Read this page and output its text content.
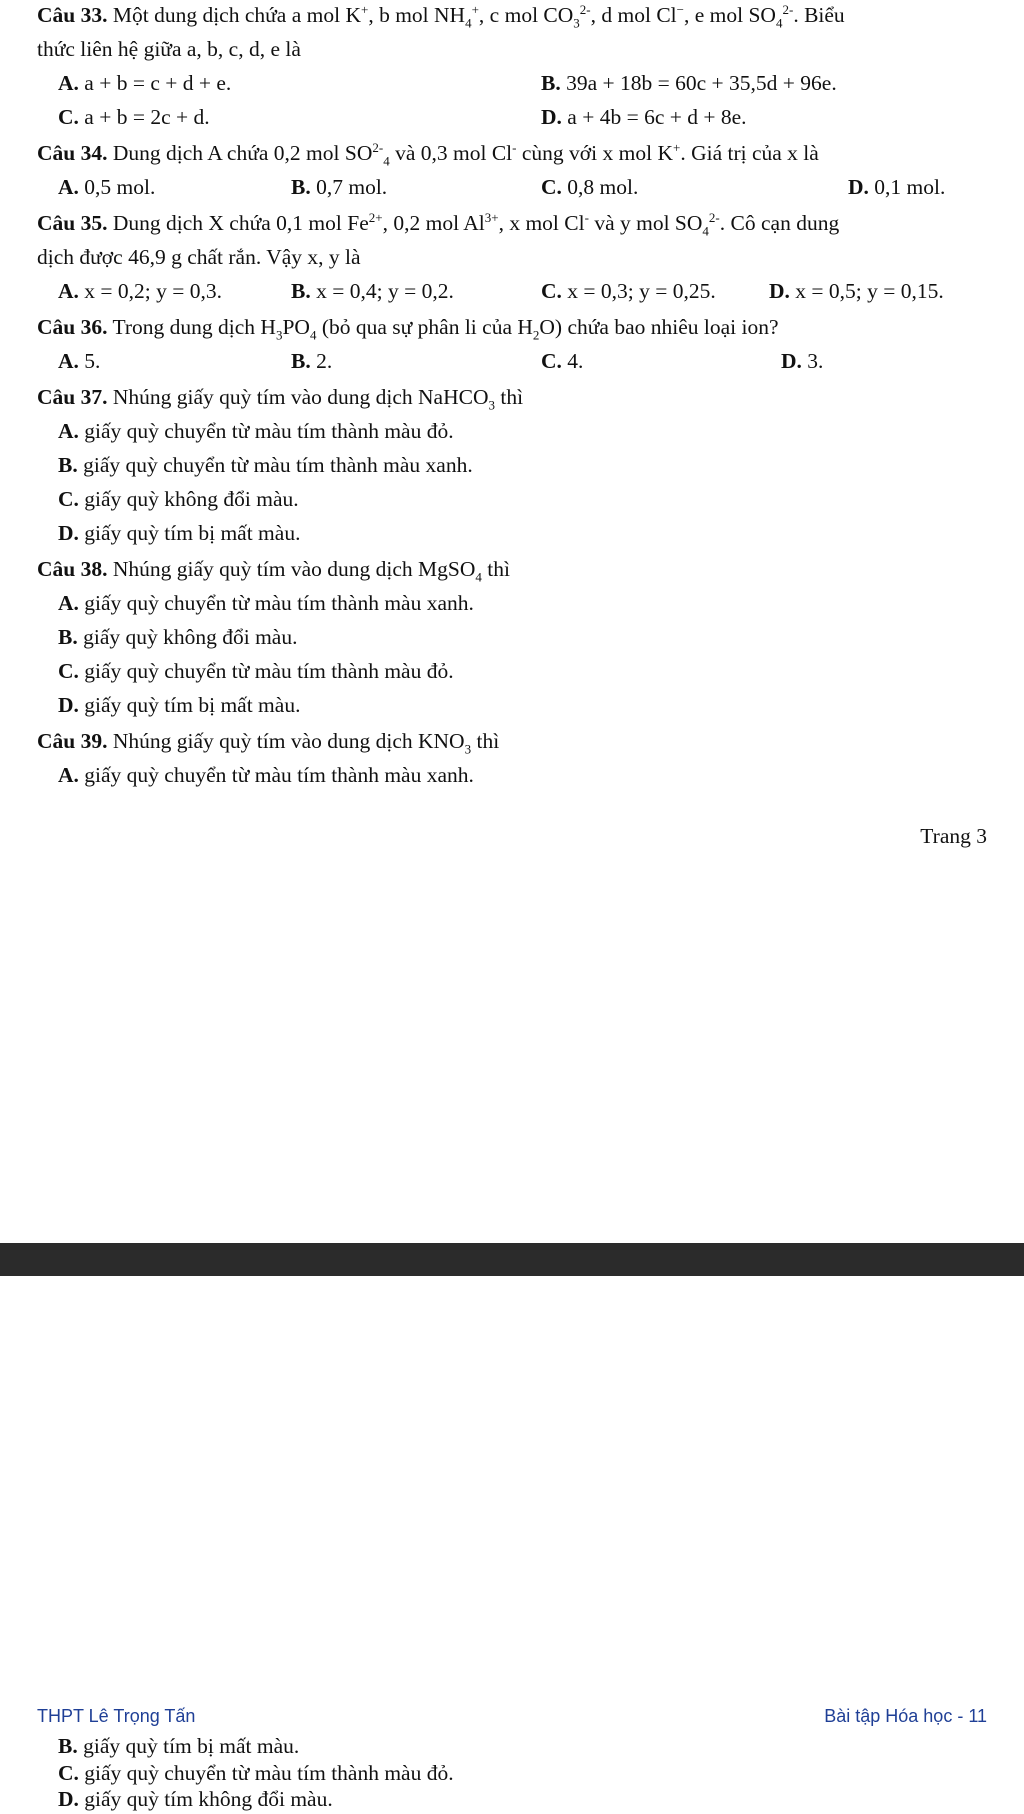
Câu 33. Một dung dịch chứa a mol K+, b mol $NH_4^+$, c mol $CO_3^{2-}$, d mol Cl−, e mol $SO_4^{2-}$. Biểu
thức liên hệ giữa a, b, c, d, e là
A. a + b = c + d + e.	B. 39a + 18b = 60c + 35,5d + 96e.
C. a + b = 2c + d.	D. a + 4b = 6c + d + 8e.
Câu 34. Dung dịch A chứa 0,2 mol $SO^{2-}_4$ và 0,3 mol Cl- cùng với x mol K+. Giá trị của x là
A. 0,5 mol.	B. 0,7 mol.	C. 0,8 mol.	D. 0,1 mol.
Câu 35. Dung dịch X chứa 0,1 mol $Fe^{2+}$, 0,2 mol $Al^{3+}$, x mol Cl- và y mol $SO_4^{2-}$. Cô cạn dung
dịch được 46,9 g chất rắn. Vậy x, y là
A. x = 0,2; y = 0,3.	B. x = 0,4; y = 0,2.	C. x = 0,3; y = 0,25. D. x = 0,5; y = 0,15.
Câu 36. Trong dung dịch $H_3PO_4$ (bỏ qua sự phân li của $H_2O$) chứa bao nhiêu loại ion?
A. 5.	B. 2.	C. 4.	D. 3.
Câu 37. Nhúng giấy quỳ tím vào dung dịch NaHCO$_3$ thì
A. giấy quỳ chuyển từ màu tím thành màu đỏ.
B. giấy quỳ chuyển từ màu tím thành màu xanh.
C. giấy quỳ không đổi màu.
D. giấy quỳ tím bị mất màu.
Câu 38. Nhúng giấy quỳ tím vào dung dịch MgSO$_4$ thì
A. giấy quỳ chuyển từ màu tím thành màu xanh.
B. giấy quỳ không đổi màu.
C. giấy quỳ chuyển từ màu tím thành màu đỏ.
D. giấy quỳ tím bị mất màu.
Câu 39. Nhúng giấy quỳ tím vào dung dịch $KNO_3$ thì
A. giấy quỳ chuyển từ màu tím thành màu xanh.
Trang 3
THPT Lê Trọng Tấn	Bài tập Hóa học - 11
B. giấy quỳ tím bị mất màu.
C. giấy quỳ chuyển từ màu tím thành màu đỏ.
D. giấy quỳ tím không đổi màu.
